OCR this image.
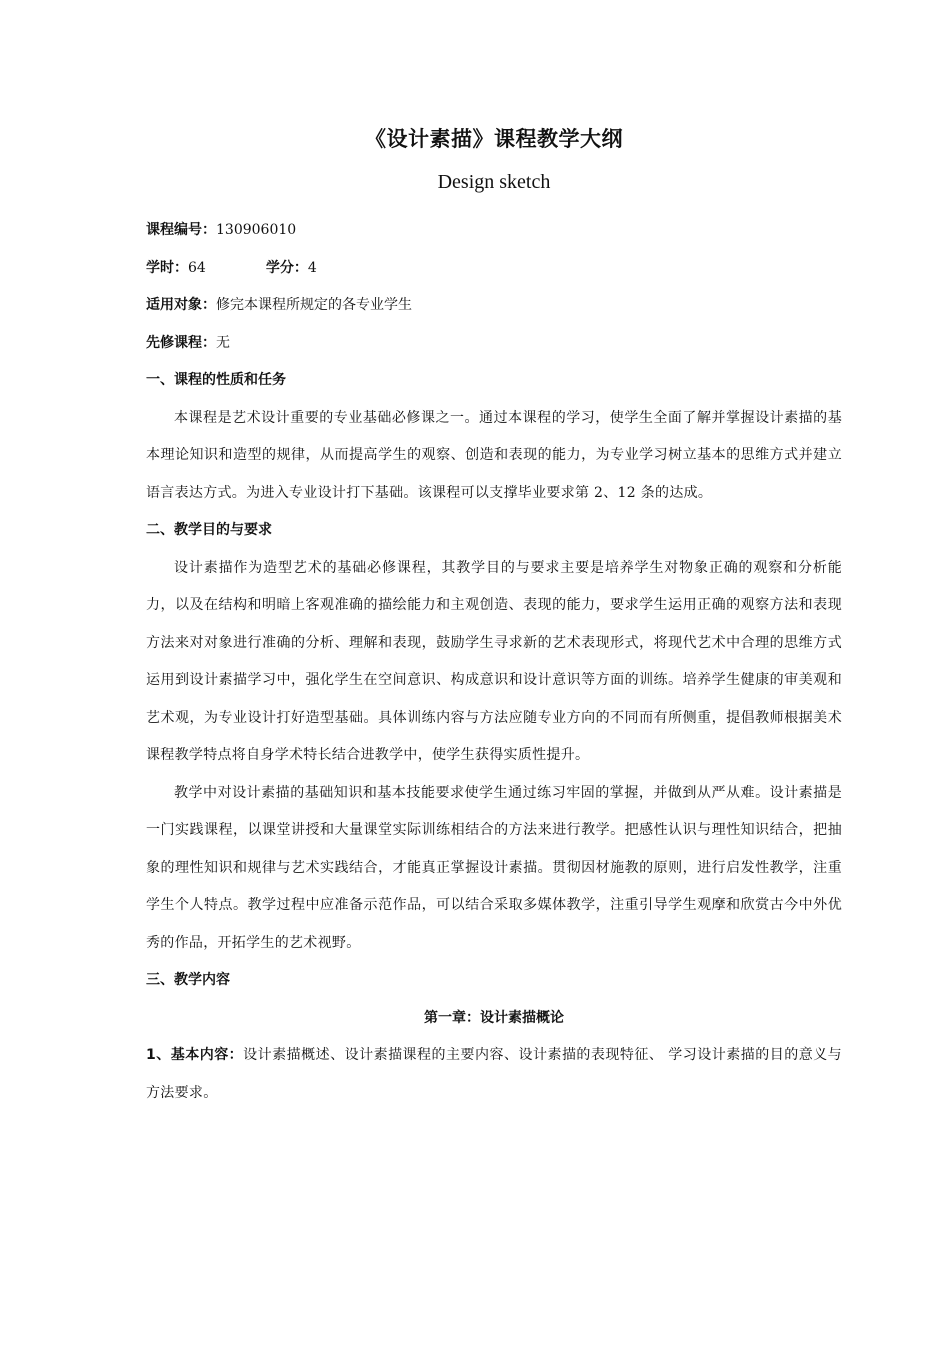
《设计素描》课程教学大纲
Design sketch
课程编号：130906010
学时：64	学分：4
适用对象：修完本课程所规定的各专业学生
先修课程：无
一、课程的性质和任务

本课程是艺术设计重要的专业基础必修课之一。通过本课程的学习，使学生全面了解并掌握设计素描的基本理论知识和造型的规律，从而提高学生的观察、创造和表现的能力，为专业学习树立基本的思维方式并建立语言表达方式。为进入专业设计打下基础。该课程可以支撑毕业要求第 2、12 条的达成。

二、教学目的与要求

设计素描作为造型艺术的基础必修课程，其教学目的与要求主要是培养学生对物象正确的观察和分析能力，以及在结构和明暗上客观准确的描绘能力和主观创造、表现的能力，要求学生运用正确的观察方法和表现方法来对对象进行准确的分析、理解和表现，鼓励学生寻求新的艺术表现形式，将现代艺术中合理的思维方式运用到设计素描学习中，强化学生在空间意识、构成意识和设计意识等方面的训练。培养学生健康的审美观和艺术观，为专业设计打好造型基础。具体训练内容与方法应随专业方向的不同而有所侧重，提倡教师根据美术课程教学特点将自身学术特长结合进教学中，使学生获得实质性提升。

教学中对设计素描的基础知识和基本技能要求使学生通过练习牢固的掌握，并做到从严从难。设计素描是一门实践课程，以课堂讲授和大量课堂实际训练相结合的方法来进行教学。把感性认识与理性知识结合，把抽象的理性知识和规律与艺术实践结合，才能真正掌握设计素描。贯彻因材施教的原则，进行启发性教学，注重学生个人特点。教学过程中应准备示范作品，可以结合采取多媒体教学，注重引导学生观摩和欣赏古今中外优秀的作品，开拓学生的艺术视野。

三、教学内容
第一章：设计素描概论

1、基本内容：设计素描概述、设计素描课程的主要内容、设计素描的表现特征、 学习设计素描的目的意义与方法要求。
